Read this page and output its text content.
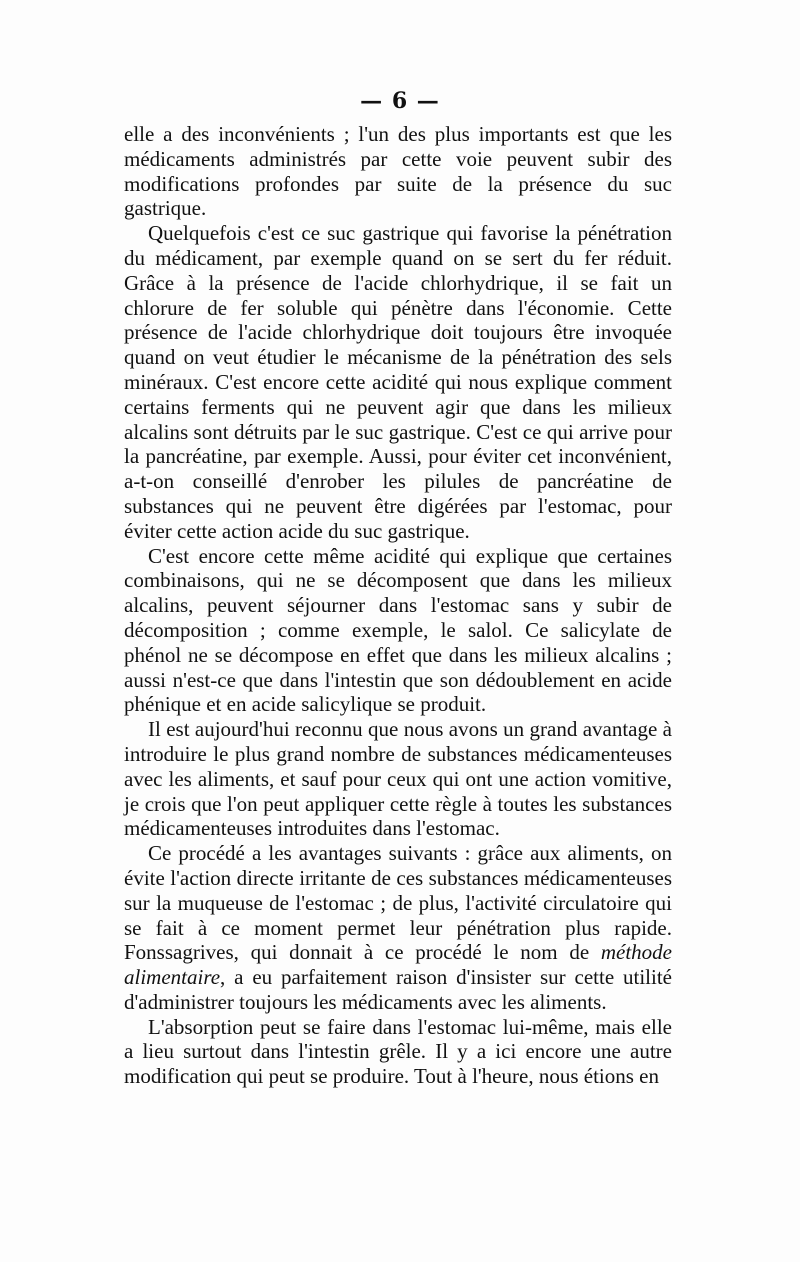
— 6 —

elle a des inconvénients ; l'un des plus importants est que les médicaments administrés par cette voie peuvent subir des modifications profondes par suite de la présence du suc gastrique.

Quelquefois c'est ce suc gastrique qui favorise la pénétration du médicament, par exemple quand on se sert du fer réduit. Grâce à la présence de l'acide chlorhydrique, il se fait un chlorure de fer soluble qui pénètre dans l'économie. Cette présence de l'acide chlorhydrique doit toujours être invoquée quand on veut étudier le mécanisme de la pénétration des sels minéraux. C'est encore cette acidité qui nous explique comment certains ferments qui ne peuvent agir que dans les milieux alcalins sont détruits par le suc gastrique. C'est ce qui arrive pour la pancréatine, par exemple. Aussi, pour éviter cet inconvénient, a-t-on conseillé d'enrober les pilules de pancréatine de substances qui ne peuvent être digérées par l'estomac, pour éviter cette action acide du suc gastrique.

C'est encore cette même acidité qui explique que certaines combinaisons, qui ne se décomposent que dans les milieux alcalins, peuvent séjourner dans l'estomac sans y subir de décomposition ; comme exemple, le salol. Ce salicylate de phénol ne se décompose en effet que dans les milieux alcalins ; aussi n'est-ce que dans l'intestin que son dédoublement en acide phénique et en acide salicylique se produit.

Il est aujourd'hui reconnu que nous avons un grand avantage à introduire le plus grand nombre de substances médicamenteuses avec les aliments, et sauf pour ceux qui ont une action vomitive, je crois que l'on peut appliquer cette règle à toutes les substances médicamenteuses introduites dans l'estomac.

Ce procédé a les avantages suivants : grâce aux aliments, on évite l'action directe irritante de ces substances médicamenteuses sur la muqueuse de l'estomac ; de plus, l'activité circulatoire qui se fait à ce moment permet leur pénétration plus rapide. Fonssagrives, qui donnait à ce procédé le nom de méthode alimentaire, a eu parfaitement raison d'insister sur cette utilité d'administrer toujours les médicaments avec les aliments.

L'absorption peut se faire dans l'estomac lui-même, mais elle a lieu surtout dans l'intestin grêle. Il y a ici encore une autre modification qui peut se produire. Tout à l'heure, nous étions en
